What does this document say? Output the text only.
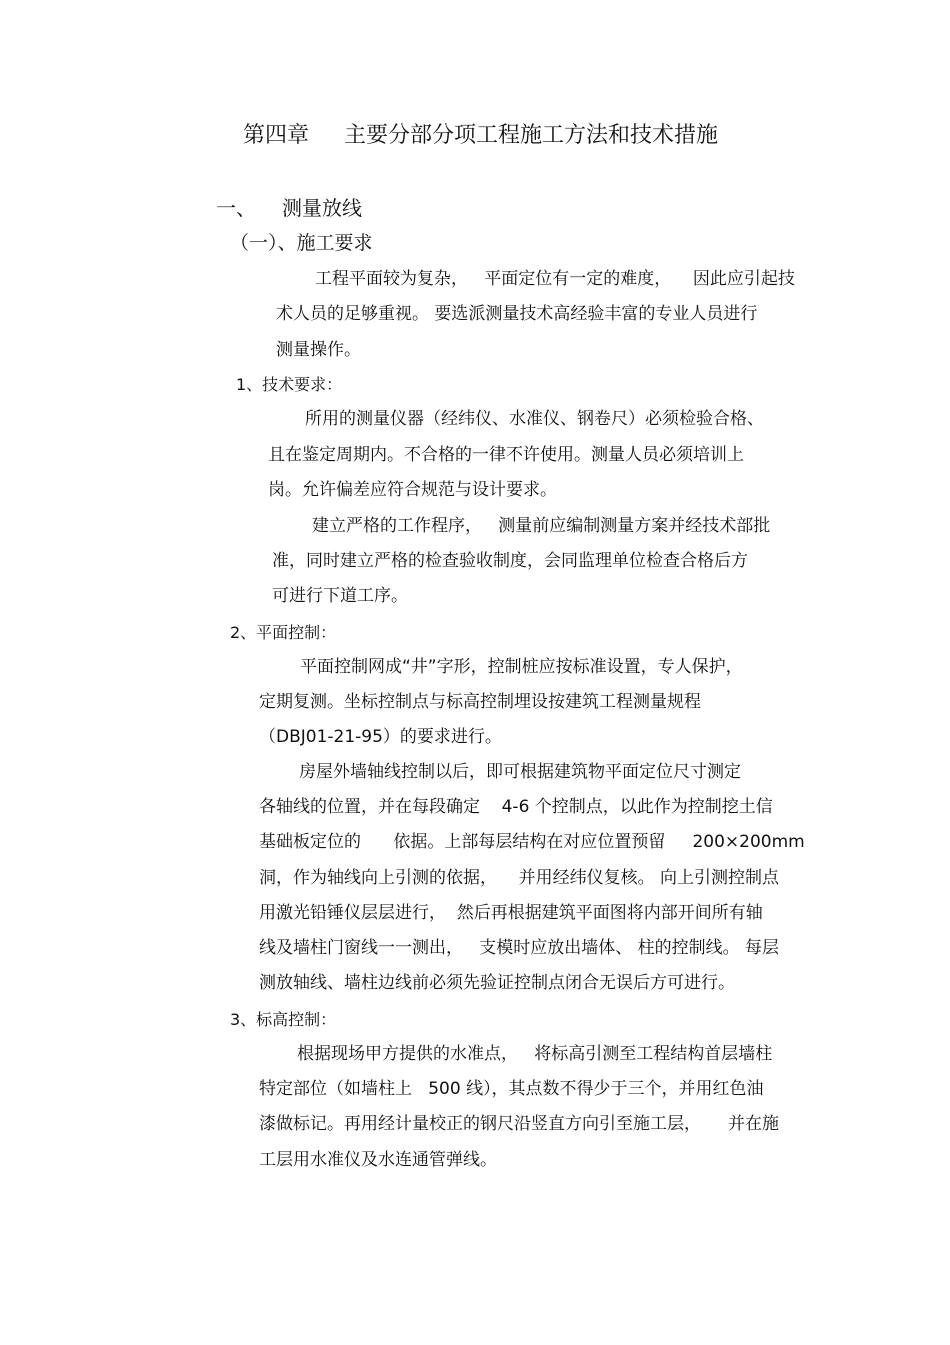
第四章 主要分部分项工程施工方法和技术措施
一、 测量放线
（一）、施工要求
工程平面较为复杂，   平面定位有一定的难度，    因此应引起技
术人员的足够重视。 要选派测量技术高经验丰富的专业人员进行
测量操作。
1、技术要求：
所用的测量仪器（经纬仪、水准仪、钢卷尺）必须检验合格、
且在鉴定周期内。不合格的一律不许使用。测量人员必须培训上
岗。允许偏差应符合规范与设计要求。
建立严格的工作程序，   测量前应编制测量方案并经技术部批
准，同时建立严格的检查验收制度，会同监理单位检查合格后方
可进行下道工序。
2、平面控制：
平面控制网成“井”字形，控制桩应按标准设置，专人保护，
定期复测。坐标控制点与标高控制埋设按建筑工程测量规程
（DBJ01-21-95）的要求进行。
房屋外墙轴线控制以后，即可根据建筑物平面定位尺寸测定
各轴线的位置，并在每段确定    4-6 个控制点，以此作为控制挖土信
基础板定位的      依据。上部每层结构在对应位置预留     200×200mm
洞，作为轴线向上引测的依据，    并用经纬仪复核。 向上引测控制点
用激光铅锤仪层层进行，  然后再根据建筑平面图将内部开间所有轴
线及墙柱门窗线一一测出，   支模时应放出墙体、 柱的控制线。 每层
测放轴线、墙柱边线前必须先验证控制点闭合无误后方可进行。
3、标高控制：
根据现场甲方提供的水准点，   将标高引测至工程结构首层墙柱
特定部位（如墙柱上   500 线），其点数不得少于三个，并用红色油
漆做标记。再用经计量校正的钢尺沿竖直方向引至施工层，     并在施
工层用水准仪及水连通管弹线。
